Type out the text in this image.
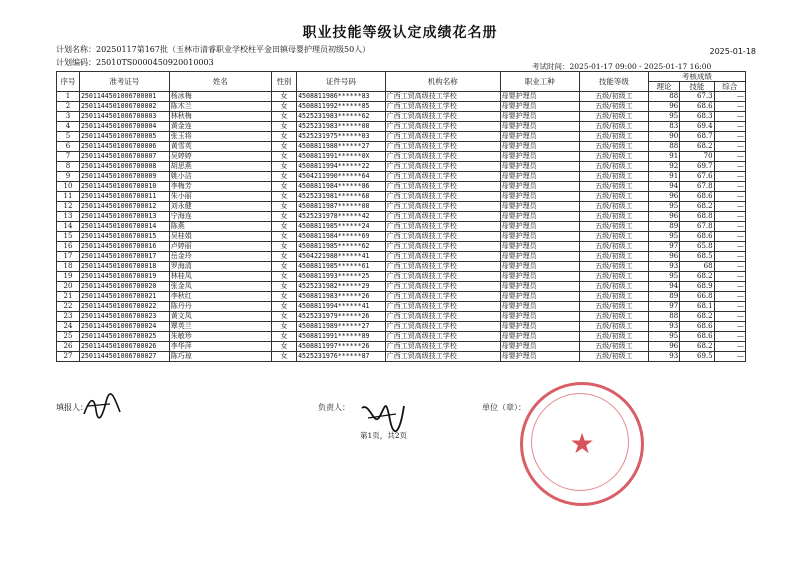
职业技能等级认定成绩花名册
计划名称：20250117第167批（玉林市清睿职业学校柱平金田镇母婴护理员初级50人）	2025-01-18
计划编码：25010TS0000450920010003	考试时间：2025-01-17 09:00 - 2025-01-17 16:00
序号	准考证号	姓名	性别	证件号码	机构名称	职业工种	技能等级	考核成绩		
								理论	技能	综合
1	2501144501006700001	杨冰梅	女	4508811986******83	广西工贸高级技工学校	母婴护理员	五级/初级工	88	67.3	—
2	2501144501006700002	陈木兰	女	4508811992******85	广西工贸高级技工学校	母婴护理员	五级/初级工	96	68.6	—
3	2501144501006700003	林秋梅	女	4525231983******62	广西工贸高级技工学校	母婴护理员	五级/初级工	95	68.3	—
4	2501144501006700004	黄金连	女	4525231983******08	广西工贸高级技工学校	母婴护理员	五级/初级工	83	69.4	—
5	2501144501006700005	张玉将	女	4525231975******03	广西工贸高级技工学校	母婴护理员	五级/初级工	90	68.7	—
6	2501144501006700006	黄雪英	女	4508811988******27	广西工贸高级技工学校	母婴护理员	五级/初级工	88	68.2	—
7	2501144501006700007	吴婷婷	女	4508811991******0X	广西工贸高级技工学校	母婴护理员	五级/初级工	91	70	—
8	2501144501006700008	胡思燕	女	4508811994******22	广西工贸高级技工学校	母婴护理员	五级/初级工	92	69.7	—
9	2501144501006700009	姚小洁	女	4504211990******64	广西工贸高级技工学校	母婴护理员	五级/初级工	91	67.6	—
10	2501144501006700010	李梅芳	女	4508811984******86	广西工贸高级技工学校	母婴护理员	五级/初级工	94	67.8	—
11	2501144501006700011	朱小丽	女	4525231981******68	广西工贸高级技工学校	母婴护理员	五级/初级工	96	68.6	—
12	2501144501006700012	刘永健	女	4508811987******08	广西工贸高级技工学校	母婴护理员	五级/初级工	95	68.2	—
13	2501144501006700013	宁海连	女	4525231978******42	广西工贸高级技工学校	母婴护理员	五级/初级工	96	68.8	—
14	2501144501006700014	陈燕	女	4508811985******24	广西工贸高级技工学校	母婴护理员	五级/初级工	89	67.8	—
15	2501144501006700015	吴桂娟	女	4508811984******69	广西工贸高级技工学校	母婴护理员	五级/初级工	95	68.6	—
16	2501144501006700016	卢婷丽	女	4508811985******62	广西工贸高级技工学校	母婴护理员	五级/初级工	97	65.8	—
17	2501144501006700017	岳金玲	女	4504221988******41	广西工贸高级技工学校	母婴护理员	五级/初级工	96	68.5	—
18	2501144501006700018	罗海清	女	4508811985******61	广西工贸高级技工学校	母婴护理员	五级/初级工	93	68	—
19	2501144501006700019	林桂凤	女	4508811993******25	广西工贸高级技工学校	母婴护理员	五级/初级工	95	68.2	—
20	2501144501006700020	张金凤	女	4525231982******29	广西工贸高级技工学校	母婴护理员	五级/初级工	94	68.9	—
21	2501144501006700021	李秋红	女	4508811983******26	广西工贸高级技工学校	母婴护理员	五级/初级工	89	66.8	—
22	2501144501006700022	陈丹丹	女	4508811994******41	广西工贸高级技工学校	母婴护理员	五级/初级工	97	68.1	—
23	2501144501006700023	黄文凤	女	4525231979******26	广西工贸高级技工学校	母婴护理员	五级/初级工	88	68.2	—
24	2501144501006700024	覃英兰	女	4508811989******27	广西工贸高级技工学校	母婴护理员	五级/初级工	93	68.6	—
25	2501144501006700025	朱敏珍	女	4508811991******89	广西工贸高级技工学校	母婴护理员	五级/初级工	95	68.6	—
26	2501144501006700026	李华萍	女	4508811997******26	广西工贸高级技工学校	母婴护理员	五级/初级工	96	68.2	—
27	2501144501006700027	陈巧琼	女	4525231976******87	广西工贸高级技工学校	母婴护理员	五级/初级工	93	69.5	—
填报人：	负责人：	单位（章）：
第1页，共2页	★
